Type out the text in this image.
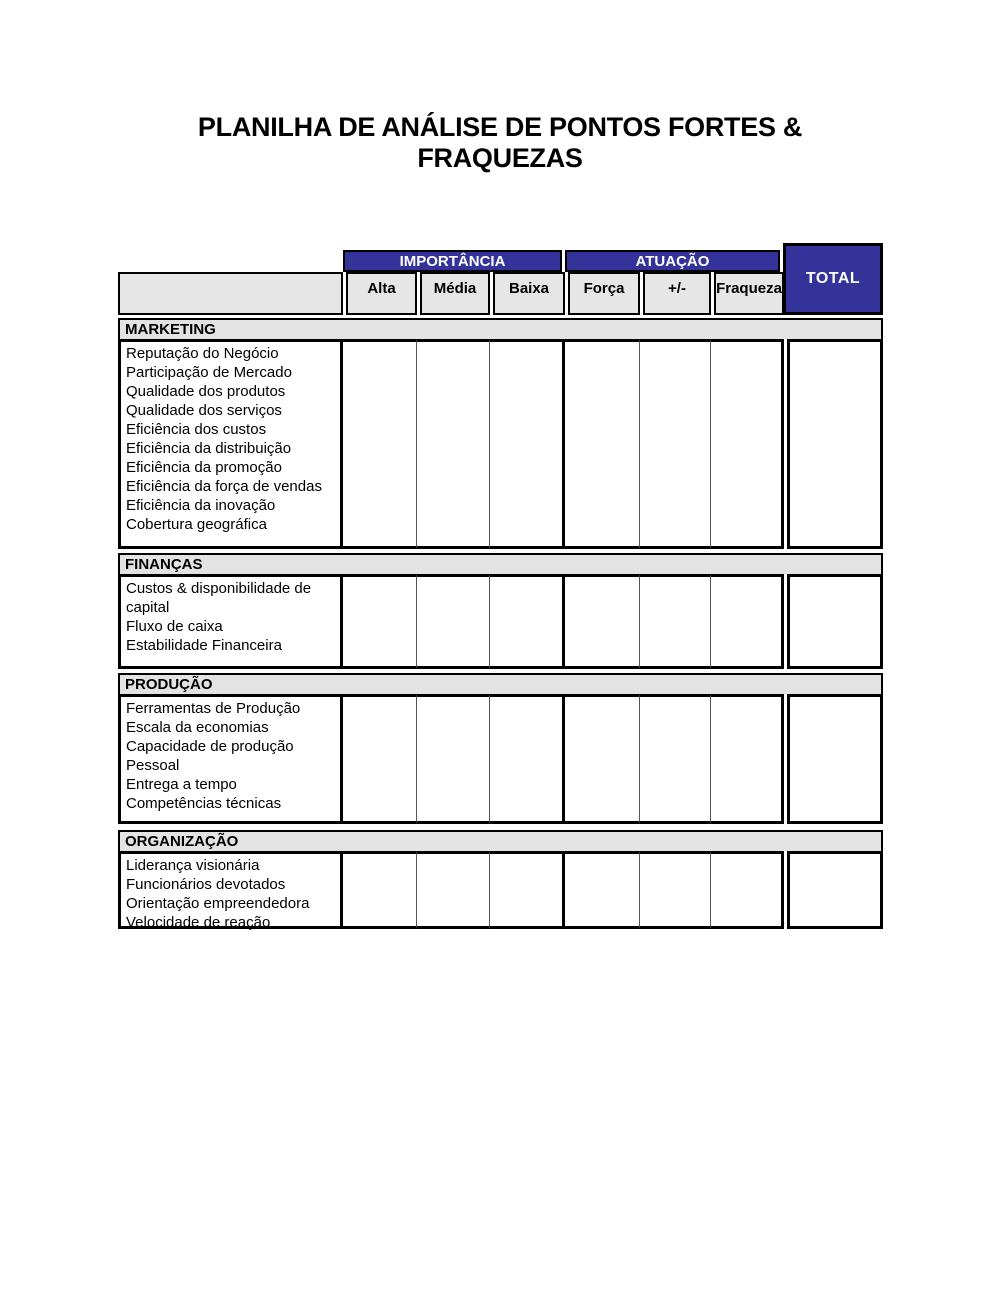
PLANILHA DE ANÁLISE DE PONTOS FORTES & FRAQUEZAS
IMPORTÂNCIA	ATUAÇÃO
TOTAL
Alta	Média	Baixa	Força	+/-	Fraque​za
MARKETING
Reputação do Negócio
Participação de Mercado
Qualidade dos produtos
Qualidade dos serviços
Eficiência dos custos
Eficiência da distribuição
Eficiência da promoção
Eficiência da força de vendas
Eficiência da inovação
Cobertura geográfica
FINANÇAS
Custos & disponibilidade de capital
Fluxo de caixa
Estabilidade Financeira
PRODUÇÃO
Ferramentas de Produção
Escala da economias
Capacidade de produção
Pessoal
Entrega a tempo
Competências técnicas
ORGANIZAÇÃO
Liderança visionária
Funcionários devotados
Orientação empreendedora
Velocidade de reação
